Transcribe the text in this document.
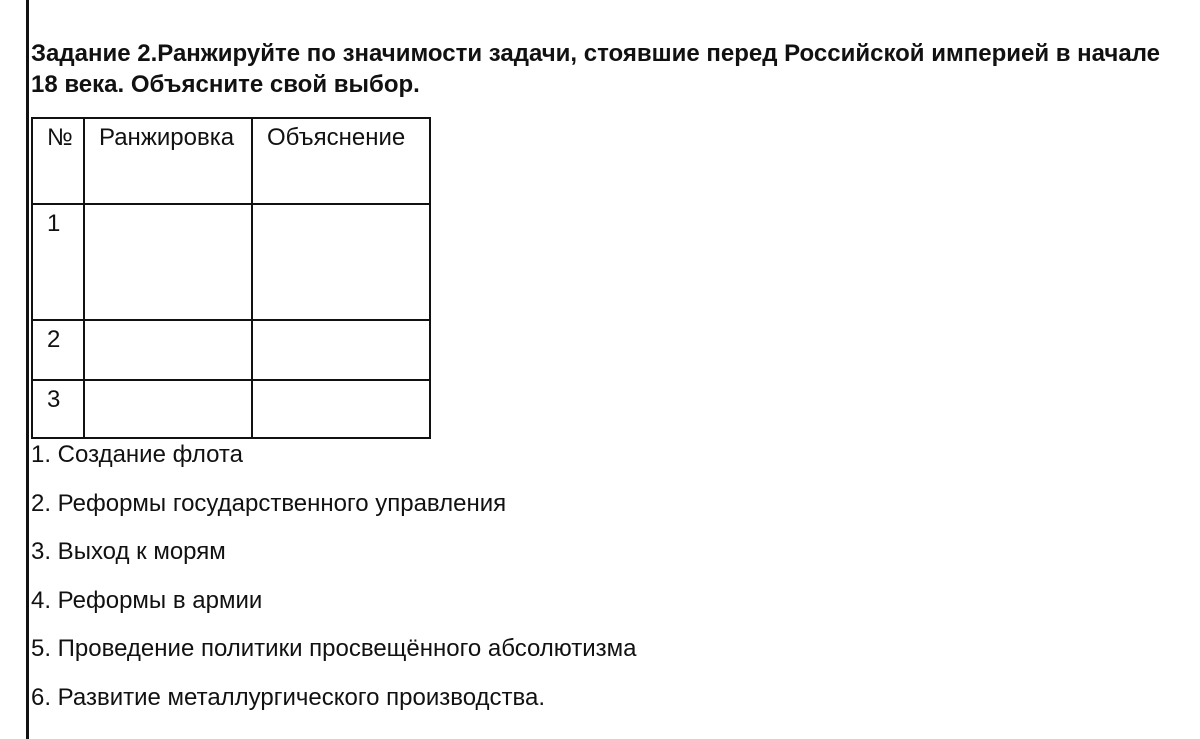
Задание 2.Ранжируйте по значимости задачи, стоявшие перед Российской империей в начале 18 века. Объясните свой выбор.

№	Ранжировка	Объяснение
1		
2		
3		
1. Создание флота
2. Реформы государственного управления
3. Выход к морям
4. Реформы в армии
5. Проведение политики просвещённого абсолютизма
6. Развитие металлургического производства.
